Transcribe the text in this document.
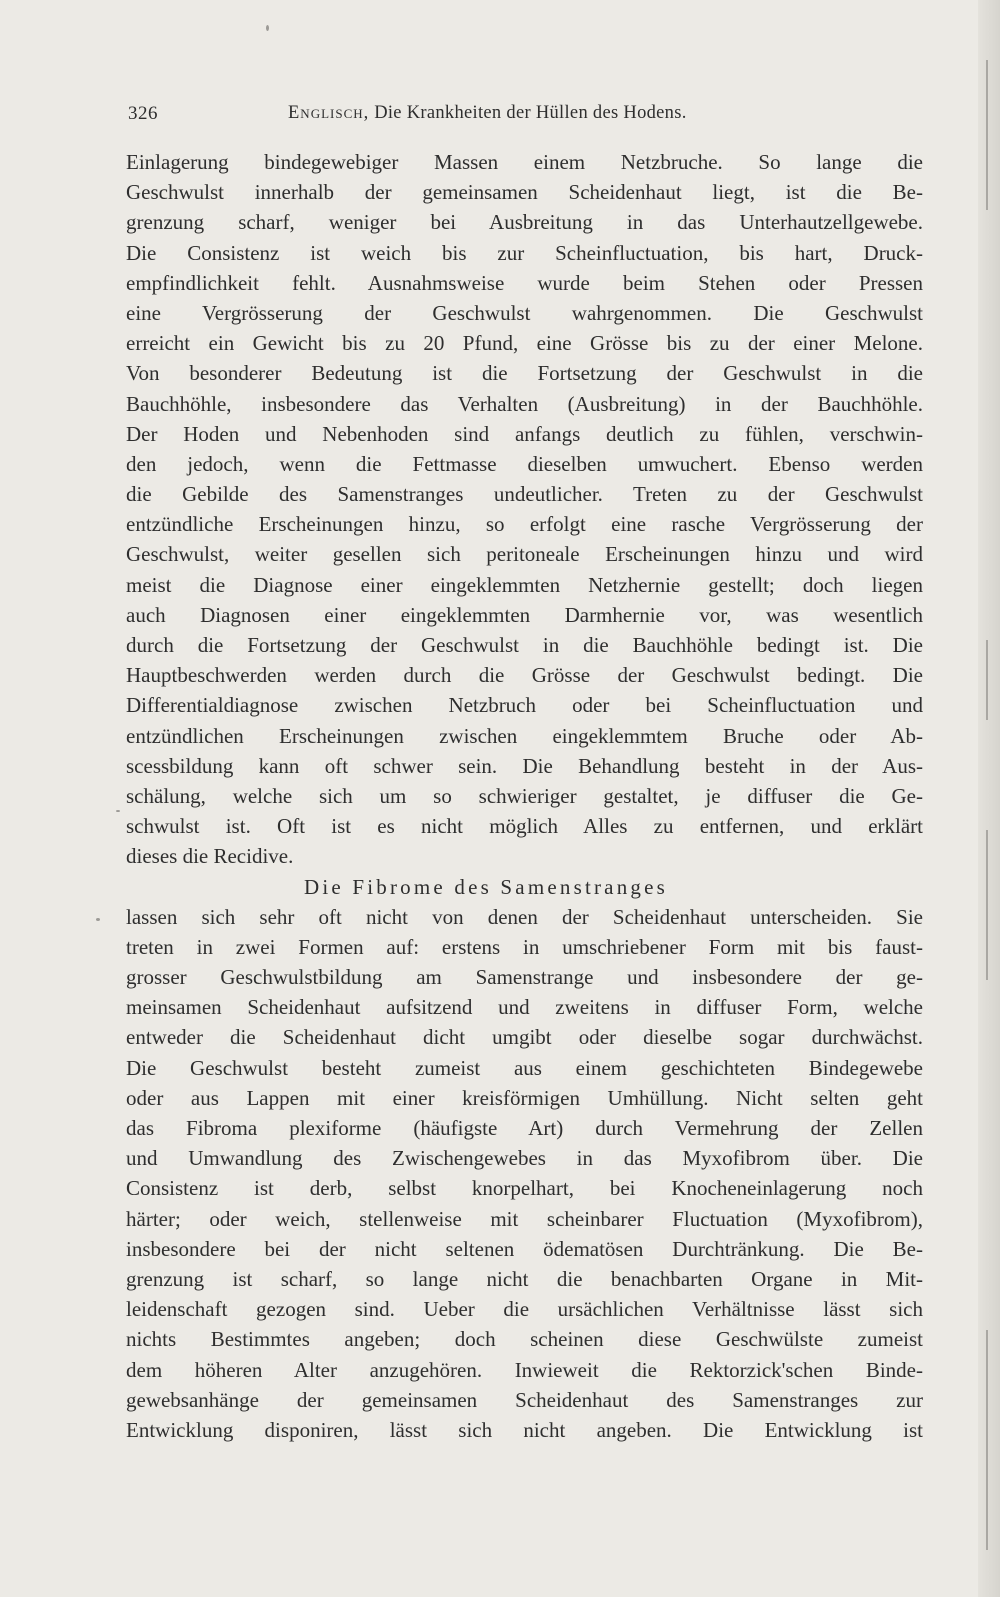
326	Englisch, Die Krankheiten der Hüllen des Hodens.
Einlagerung bindegewebiger Massen einem Netzbruche. So lange die
Geschwulst innerhalb der gemeinsamen Scheidenhaut liegt, ist die Be-
grenzung scharf, weniger bei Ausbreitung in das Unterhautzellgewebe.
Die Consistenz ist weich bis zur Scheinfluctuation, bis hart, Druck-
empfindlichkeit fehlt. Ausnahmsweise wurde beim Stehen oder Pressen
eine Vergrösserung der Geschwulst wahrgenommen. Die Geschwulst
erreicht ein Gewicht bis zu 20 Pfund, eine Grösse bis zu der einer Melone.
Von besonderer Bedeutung ist die Fortsetzung der Geschwulst in die
Bauchhöhle, insbesondere das Verhalten (Ausbreitung) in der Bauchhöhle.
Der Hoden und Nebenhoden sind anfangs deutlich zu fühlen, verschwin-
den jedoch, wenn die Fettmasse dieselben umwuchert. Ebenso werden
die Gebilde des Samenstranges undeutlicher. Treten zu der Geschwulst
entzündliche Erscheinungen hinzu, so erfolgt eine rasche Vergrösserung der
Geschwulst, weiter gesellen sich peritoneale Erscheinungen hinzu und wird
meist die Diagnose einer eingeklemmten Netzhernie gestellt; doch liegen
auch Diagnosen einer eingeklemmten Darmhernie vor, was wesentlich
durch die Fortsetzung der Geschwulst in die Bauchhöhle bedingt ist. Die
Hauptbeschwerden werden durch die Grösse der Geschwulst bedingt. Die
Differentialdiagnose zwischen Netzbruch oder bei Scheinfluctuation und
entzündlichen Erscheinungen zwischen eingeklemmtem Bruche oder Ab-
scessbildung kann oft schwer sein. Die Behandlung besteht in der Aus-
schälung, welche sich um so schwieriger gestaltet, je diffuser die Ge-
schwulst ist. Oft ist es nicht möglich Alles zu entfernen, und erklärt
dieses die Recidive.
Die Fibrome des Samenstranges
lassen sich sehr oft nicht von denen der Scheidenhaut unterscheiden. Sie
treten in zwei Formen auf: erstens in umschriebener Form mit bis faust-
grosser Geschwulstbildung am Samenstrange und insbesondere der ge-
meinsamen Scheidenhaut aufsitzend und zweitens in diffuser Form, welche
entweder die Scheidenhaut dicht umgibt oder dieselbe sogar durchwächst.
Die Geschwulst besteht zumeist aus einem geschichteten Bindegewebe
oder aus Lappen mit einer kreisförmigen Umhüllung. Nicht selten geht
das Fibroma plexiforme (häufigste Art) durch Vermehrung der Zellen
und Umwandlung des Zwischengewebes in das Myxofibrom über. Die
Consistenz ist derb, selbst knorpelhart, bei Knocheneinlagerung noch
härter; oder weich, stellenweise mit scheinbarer Fluctuation (Myxofibrom),
insbesondere bei der nicht seltenen ödematösen Durchtränkung. Die Be-
grenzung ist scharf, so lange nicht die benachbarten Organe in Mit-
leidenschaft gezogen sind. Ueber die ursächlichen Verhältnisse lässt sich
nichts Bestimmtes angeben; doch scheinen diese Geschwülste zumeist
dem höheren Alter anzugehören. Inwieweit die Rektorzick'schen Binde-
gewebsanhänge der gemeinsamen Scheidenhaut des Samenstranges zur
Entwicklung disponiren, lässt sich nicht angeben. Die Entwicklung ist
